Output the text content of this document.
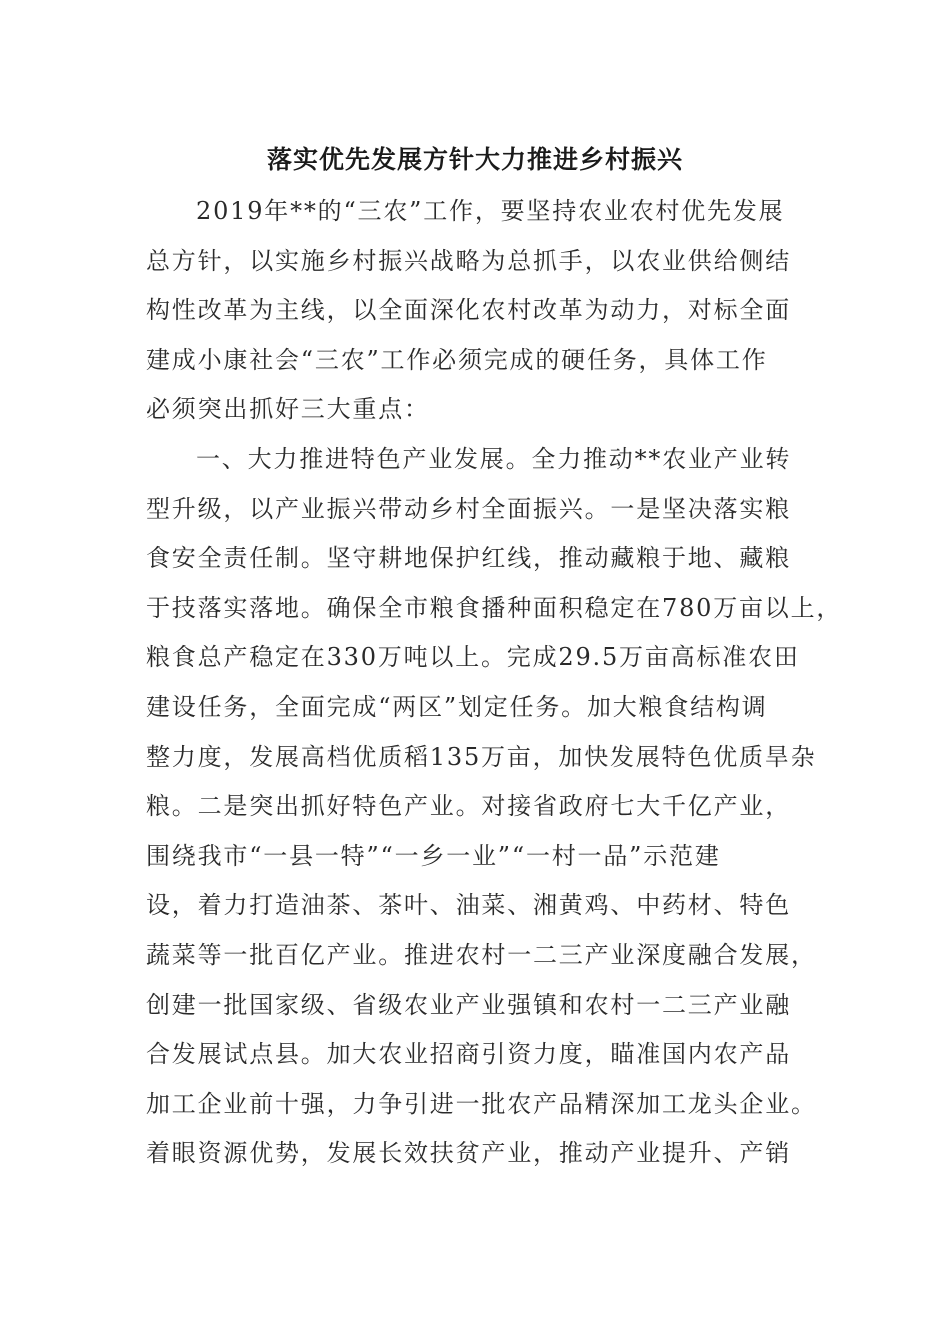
落实优先发展方针大力推进乡村振兴
2019年**的“三农”工作，要坚持农业农村优先发展
总方针，以实施乡村振兴战略为总抓手，以农业供给侧结
构性改革为主线，以全面深化农村改革为动力，对标全面
建成小康社会“三农”工作必须完成的硬任务，具体工作
必须突出抓好三大重点：
一、大力推进特色产业发展。全力推动**农业产业转
型升级，以产业振兴带动乡村全面振兴。一是坚决落实粮
食安全责任制。坚守耕地保护红线，推动藏粮于地、藏粮
于技落实落地。确保全市粮食播种面积稳定在780万亩以上，
粮食总产稳定在330万吨以上。完成29.5万亩高标准农田
建设任务，全面完成“两区”划定任务。加大粮食结构调
整力度，发展高档优质稻135万亩，加快发展特色优质旱杂
粮。二是突出抓好特色产业。对接省政府七大千亿产业，
围绕我市“一县一特”“一乡一业”“一村一品”示范建
设，着力打造油茶、茶叶、油菜、湘黄鸡、中药材、特色
蔬菜等一批百亿产业。推进农村一二三产业深度融合发展，
创建一批国家级、省级农业产业强镇和农村一二三产业融
合发展试点县。加大农业招商引资力度，瞄准国内农产品
加工企业前十强，力争引进一批农产品精深加工龙头企业。
着眼资源优势，发展长效扶贫产业，推动产业提升、产销
